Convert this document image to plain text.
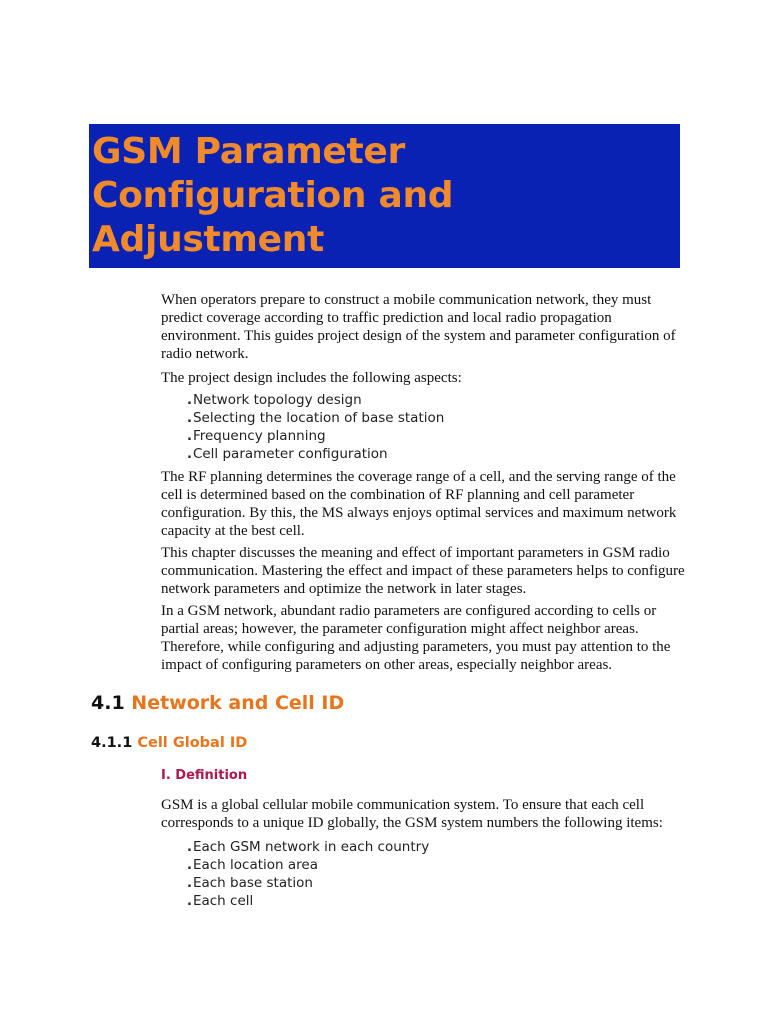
GSM Parameter Configuration and Adjustment

When operators prepare to construct a mobile communication network, they must predict coverage according to traffic prediction and local radio propagation environment. This guides project design of the system and parameter configuration of radio network.

The project design includes the following aspects:

.Network topology design
.Selecting the location of base station
.Frequency planning
.Cell parameter configuration

The RF planning determines the coverage range of a cell, and the serving range of the cell is determined based on the combination of RF planning and cell parameter configuration. By this, the MS always enjoys optimal services and maximum network capacity at the best cell.

This chapter discusses the meaning and effect of important parameters in GSM radio communication. Mastering the effect and impact of these parameters helps to configure network parameters and optimize the network in later stages.

In a GSM network, abundant radio parameters are configured according to cells or partial areas; however, the parameter configuration might affect neighbor areas. Therefore, while configuring and adjusting parameters, you must pay attention to the impact of configuring parameters on other areas, especially neighbor areas.

4.1 Network and Cell ID
4.1.1 Cell Global ID
I. Definition

GSM is a global cellular mobile communication system. To ensure that each cell corresponds to a unique ID globally, the GSM system numbers the following items:

.Each GSM network in each country
.Each location area
.Each base station
.Each cell
